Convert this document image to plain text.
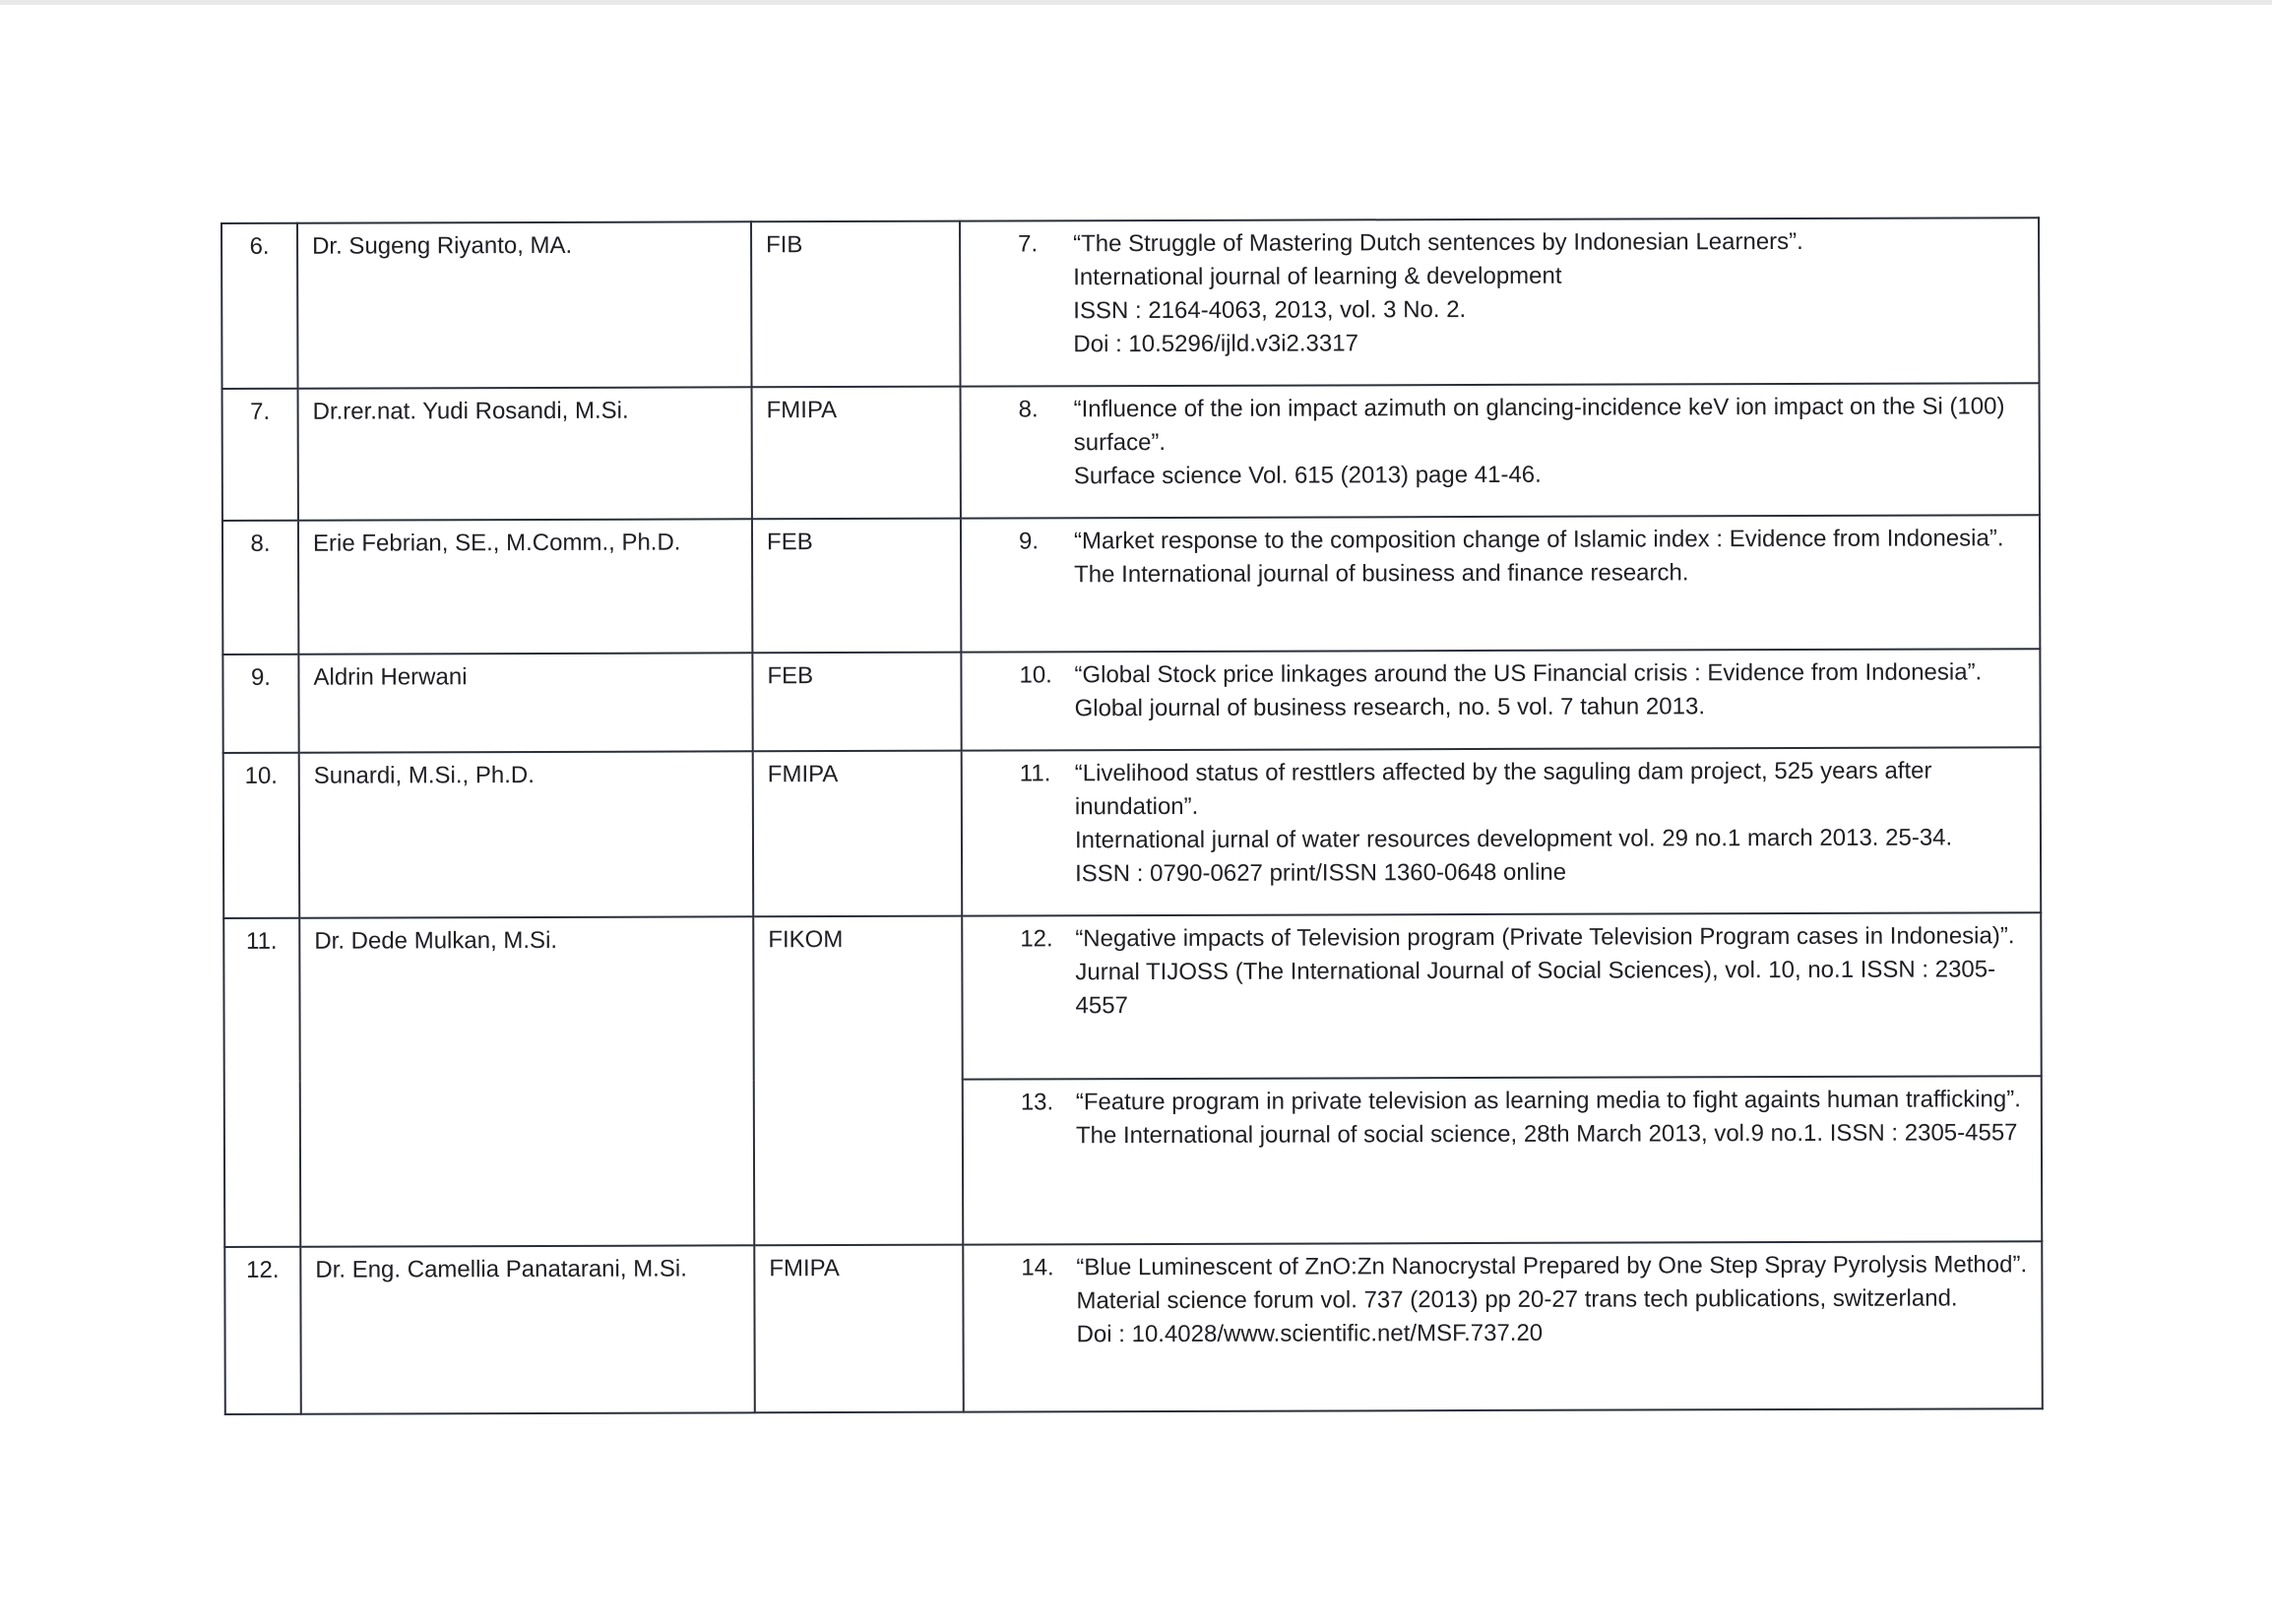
6.	Dr. Sugeng Riyanto, MA.	FIB	7. “The Struggle of Mastering Dutch sentences by Indonesian Learners”.
International journal of learning & development
ISSN : 2164-4063, 2013, vol. 3 No. 2.
Doi : 10.5296/ijld.v3i2.3317

7.	Dr.rer.nat. Yudi Rosandi, M.Si.	FMIPA	8. “Influence of the ion impact azimuth on glancing-incidence keV ion impact on the Si (100) surface”.
Surface science Vol. 615 (2013) page 41-46.

8.	Erie Febrian, SE., M.Comm., Ph.D.	FEB	9. “Market response to the composition change of Islamic index : Evidence from Indonesia”.
The International journal of business and finance research.

9.	Aldrin Herwani	FEB	10. “Global Stock price linkages around the US Financial crisis : Evidence from Indonesia”.
Global journal of business research, no. 5 vol. 7 tahun 2013.

10.	Sunardi, M.Si., Ph.D.	FMIPA	11. “Livelihood status of resttlers affected by the saguling dam project, 525 years after inundation”.
International jurnal of water resources development vol. 29 no.1 march 2013. 25-34.
ISSN : 0790-0627 print/ISSN 1360-0648 online

11.	Dr. Dede Mulkan, M.Si.	FIKOM	12. “Negative impacts of Television program (Private Television Program cases in Indonesia)”.
Jurnal TIJOSS (The International Journal of Social Sciences), vol. 10, no.1 ISSN : 2305-4557

			13. “Feature program in private television as learning media to fight againts human trafficking”.
The International journal of social science, 28th March 2013, vol.9 no.1. ISSN : 2305-4557

12.	Dr. Eng. Camellia Panatarani, M.Si.	FMIPA	14. “Blue Luminescent of ZnO:Zn Nanocrystal Prepared by One Step Spray Pyrolysis Method”.
Material science forum vol. 737 (2013) pp 20-27 trans tech publications, switzerland.
Doi : 10.4028/www.scientific.net/MSF.737.20
